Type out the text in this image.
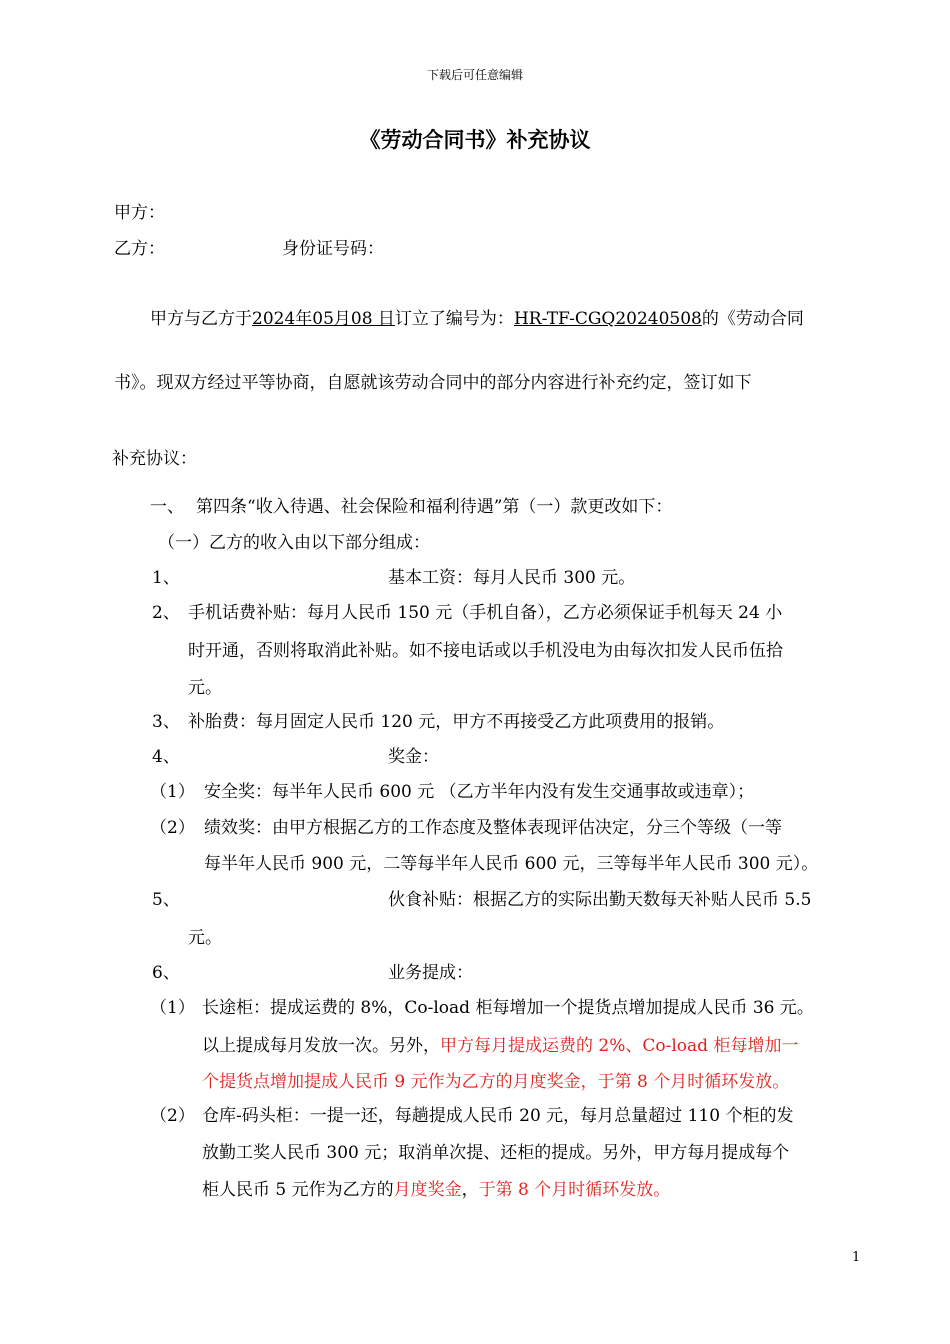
下载后可任意编辑
《劳动合同书》补充协议
甲方：
乙方：	身份证号码：
甲方与乙方于2024年05月08 日订立了编号为：HR-TF-CGQ20240508的《劳动合同
书》。现双方经过平等协商，自愿就该劳动合同中的部分内容进行补充约定，签订如下
补充协议：
一、 第四条“收入待遇、社会保险和福利待遇”第（一）款更改如下：
（一）乙方的收入由以下部分组成：
1、	基本工资：每月人民币 300 元。
2、 手机话费补贴：每月人民币 150 元（手机自备），乙方必须保证手机每天 24 小
时开通，否则将取消此补贴。如不接电话或以手机没电为由每次扣发人民币伍拾
元。
3、 补胎费：每月固定人民币 120 元，甲方不再接受乙方此项费用的报销。
4、	奖金：
（1） 安全奖：每半年人民币 600 元 （乙方半年内没有发生交通事故或违章）；
（2） 绩效奖：由甲方根据乙方的工作态度及整体表现评估决定，分三个等级（一等
每半年人民币 900 元，二等每半年人民币 600 元，三等每半年人民币 300 元）。
5、	伙食补贴：根据乙方的实际出勤天数每天补贴人民币 5.5
元。
6、	业务提成：
（1） 长途柜：提成运费的 8%，Co-load 柜每增加一个提货点增加提成人民币 36 元。
以上提成每月发放一次。另外，甲方每月提成运费的 2%、Co-load 柜每增加一
个提货点增加提成人民币 9 元作为乙方的月度奖金，于第 8 个月时循环发放。
（2） 仓库-码头柜：一提一还，每趟提成人民币 20 元，每月总量超过 110 个柜的发
放勤工奖人民币 300 元；取消单次提、还柜的提成。另外，甲方每月提成每个
柜人民币 5 元作为乙方的月度奖金，于第 8 个月时循环发放。
1
